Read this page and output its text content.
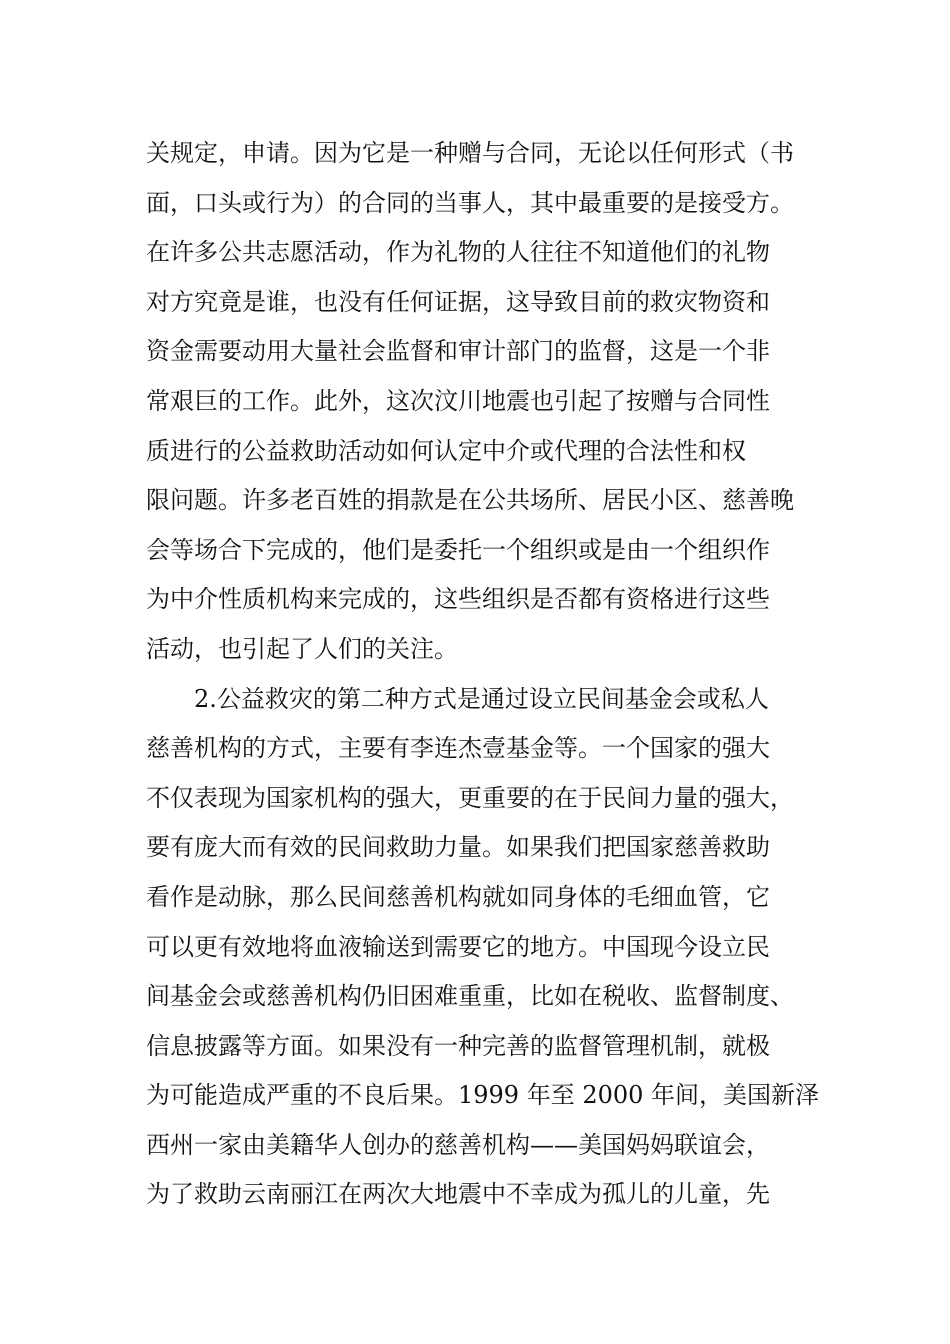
关规定，申请。因为它是一种赠与合同，无论以任何形式（书
面，口头或行为）的合同的当事人，其中最重要的是接受方。
在许多公共志愿活动，作为礼物的人往往不知道他们的礼物
对方究竟是谁，也没有任何证据，这导致目前的救灾物资和
资金需要动用大量社会监督和审计部门的监督，这是一个非
常艰巨的工作。此外，这次汶川地震也引起了按赠与合同性
质进行的公益救助活动如何认定中介或代理的合法性和权
限问题。许多老百姓的捐款是在公共场所、居民小区、慈善晚
会等场合下完成的，他们是委托一个组织或是由一个组织作
为中介性质机构来完成的，这些组织是否都有资格进行这些
活动，也引起了人们的关注。
2.公益救灾的第二种方式是通过设立民间基金会或私人
慈善机构的方式，主要有李连杰壹基金等。一个国家的强大
不仅表现为国家机构的强大，更重要的在于民间力量的强大，
要有庞大而有效的民间救助力量。如果我们把国家慈善救助
看作是动脉，那么民间慈善机构就如同身体的毛细血管，它
可以更有效地将血液输送到需要它的地方。中国现今设立民
间基金会或慈善机构仍旧困难重重，比如在税收、监督制度、
信息披露等方面。如果没有一种完善的监督管理机制，就极
为可能造成严重的不良后果。1999 年至 2000 年间，美国新泽
西州一家由美籍华人创办的慈善机构——美国妈妈联谊会，
为了救助云南丽江在两次大地震中不幸成为孤儿的儿童，先
